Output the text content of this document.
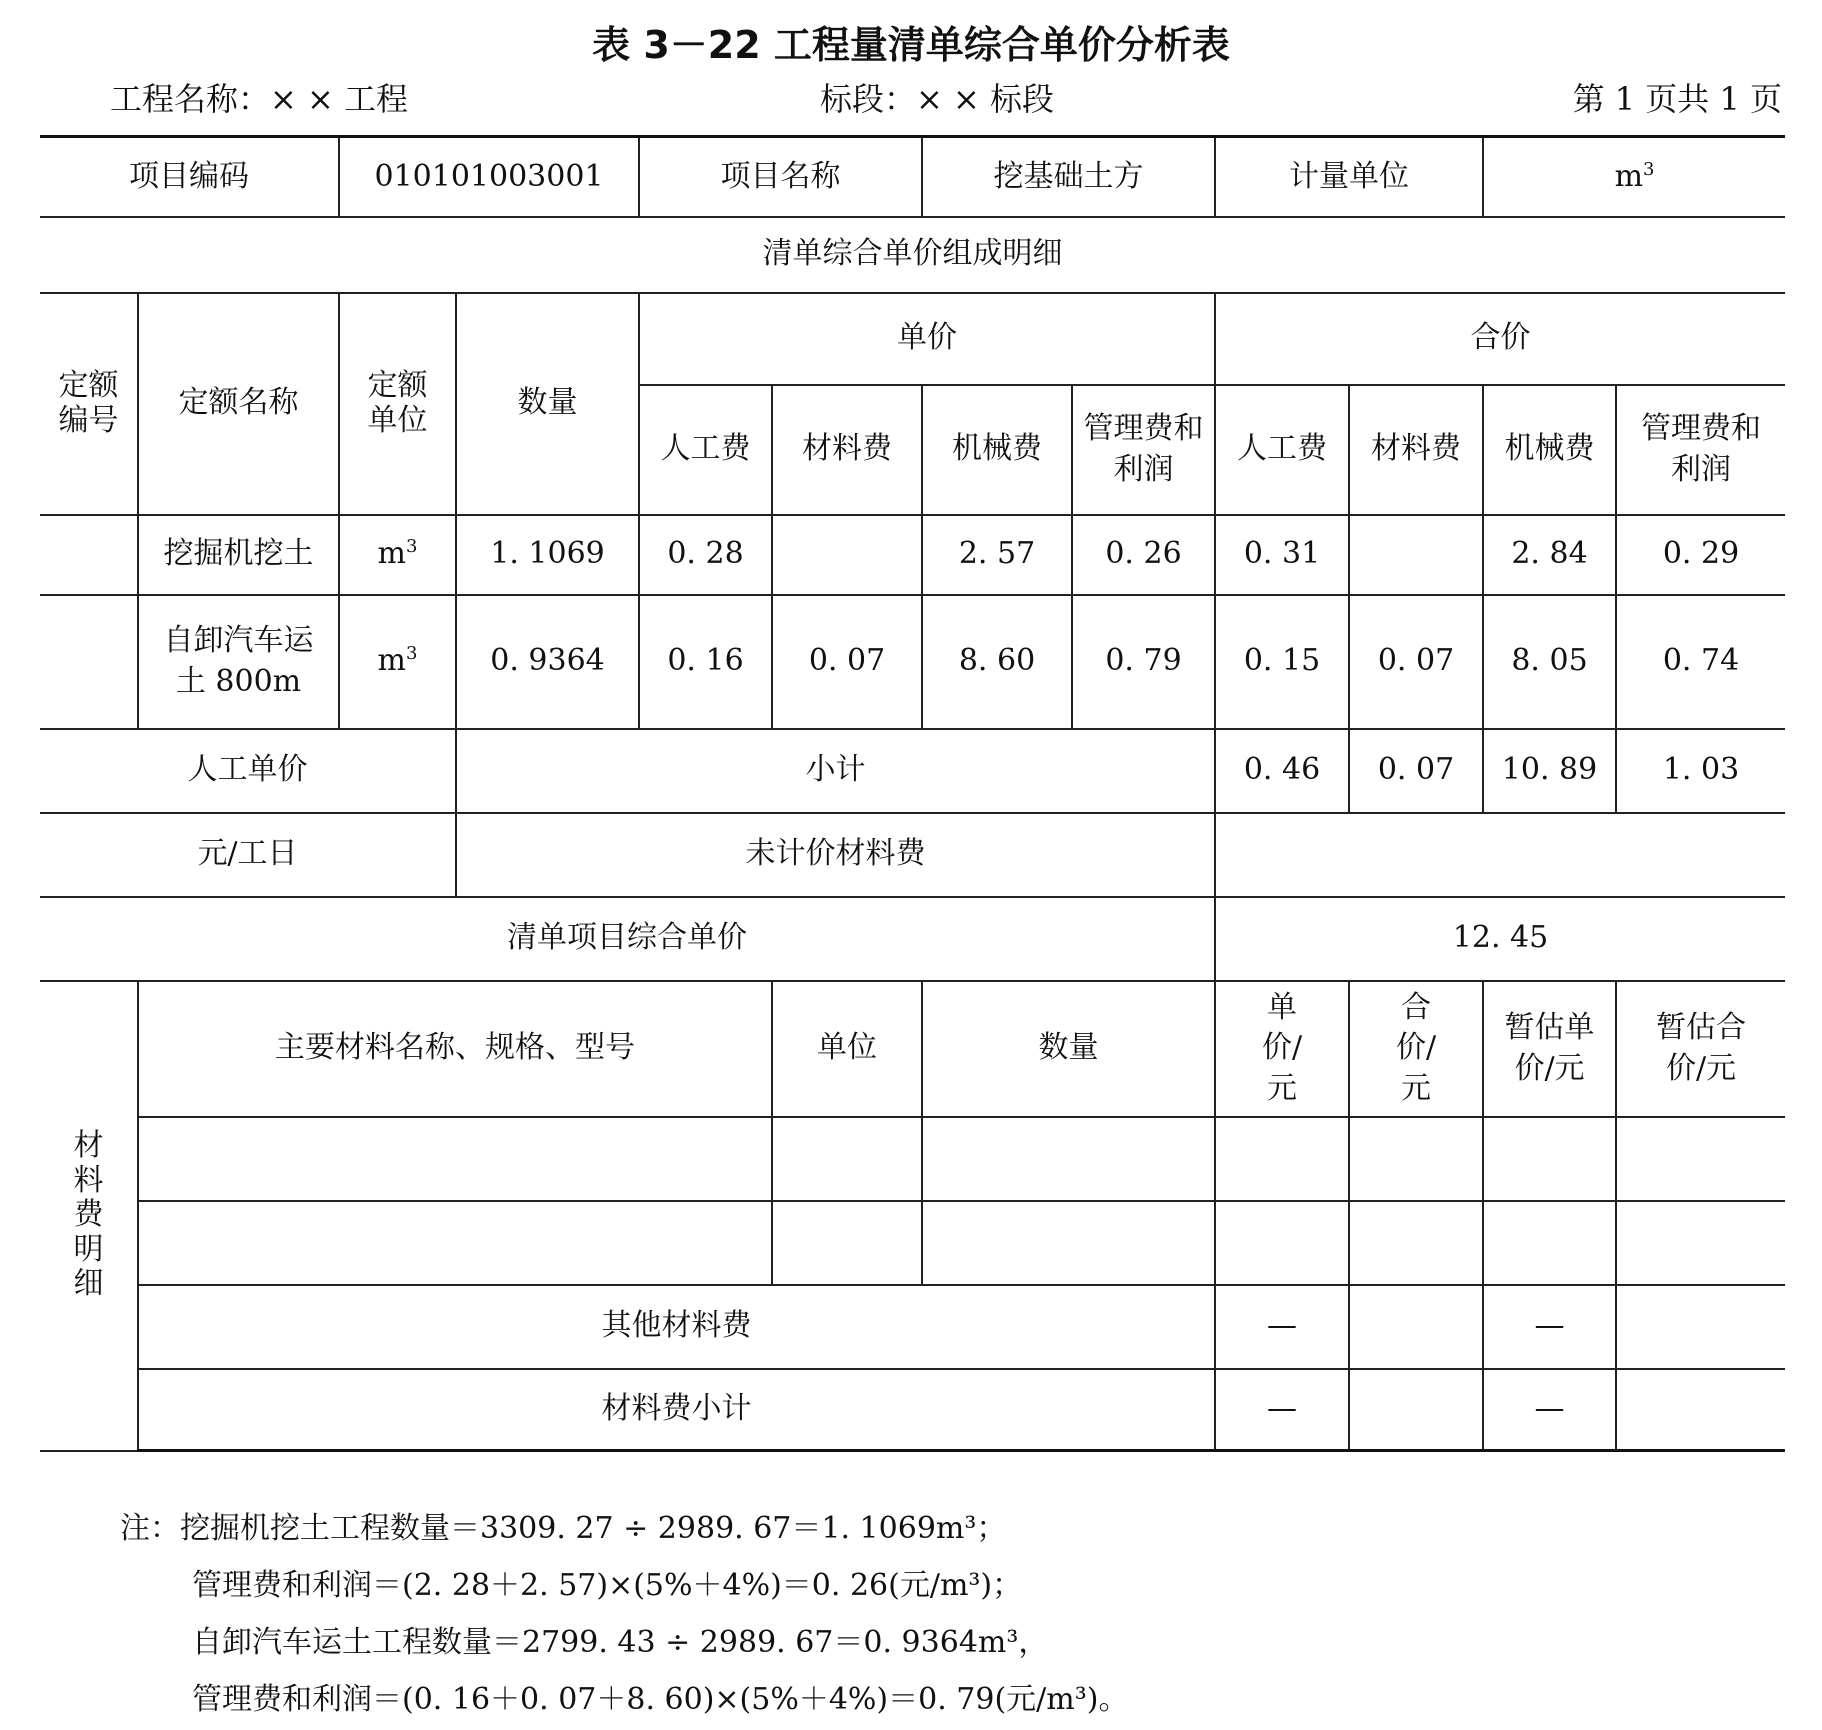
表 3－22 工程量清单综合单价分析表
工程名称：× × 工程	标段：× × 标段	第 1 页共 1 页
项目编码		010101003001		项目名称		挖基础土方		计量单位		$m^3$
清单综合单价组成明细											

定额编号	定额名称	定额单位	数量	单价				合价			
				人工费	材料费	机械费	管理费和利润	人工费	材料费	机械费	管理费和利润

	挖掘机挖土	$m^3$	1. 1069	0. 28		2. 57	0. 26	0. 31		2. 84	0. 29

	自卸汽车运土 800m	$m^3$	0. 9364	0. 16	0. 07	8. 60	0. 79	0. 15	0. 07	8. 05	0. 74
人工单价			小计					0. 46	0. 07	10. 89	1. 03
元/工日			未计价材料费								
清单项目综合单价								12. 45			

材料费明细	主要材料名称、规格、型号				单位	数量		单价/元	合价/元	暂估单价/元	暂估合价/元

	其他材料费							—		—	
	材料费小计							—		—	
注：挖掘机挖土工程数量＝3309. 27 ÷ 2989. 67＝1. 1069m³；
管理费和利润＝(2. 28＋2. 57)×(5%＋4%)＝0. 26(元/m³)；
自卸汽车运土工程数量＝2799. 43 ÷ 2989. 67＝0. 9364m³，
管理费和利润＝(0. 16＋0. 07＋8. 60)×(5%＋4%)＝0. 79(元/m³)。
